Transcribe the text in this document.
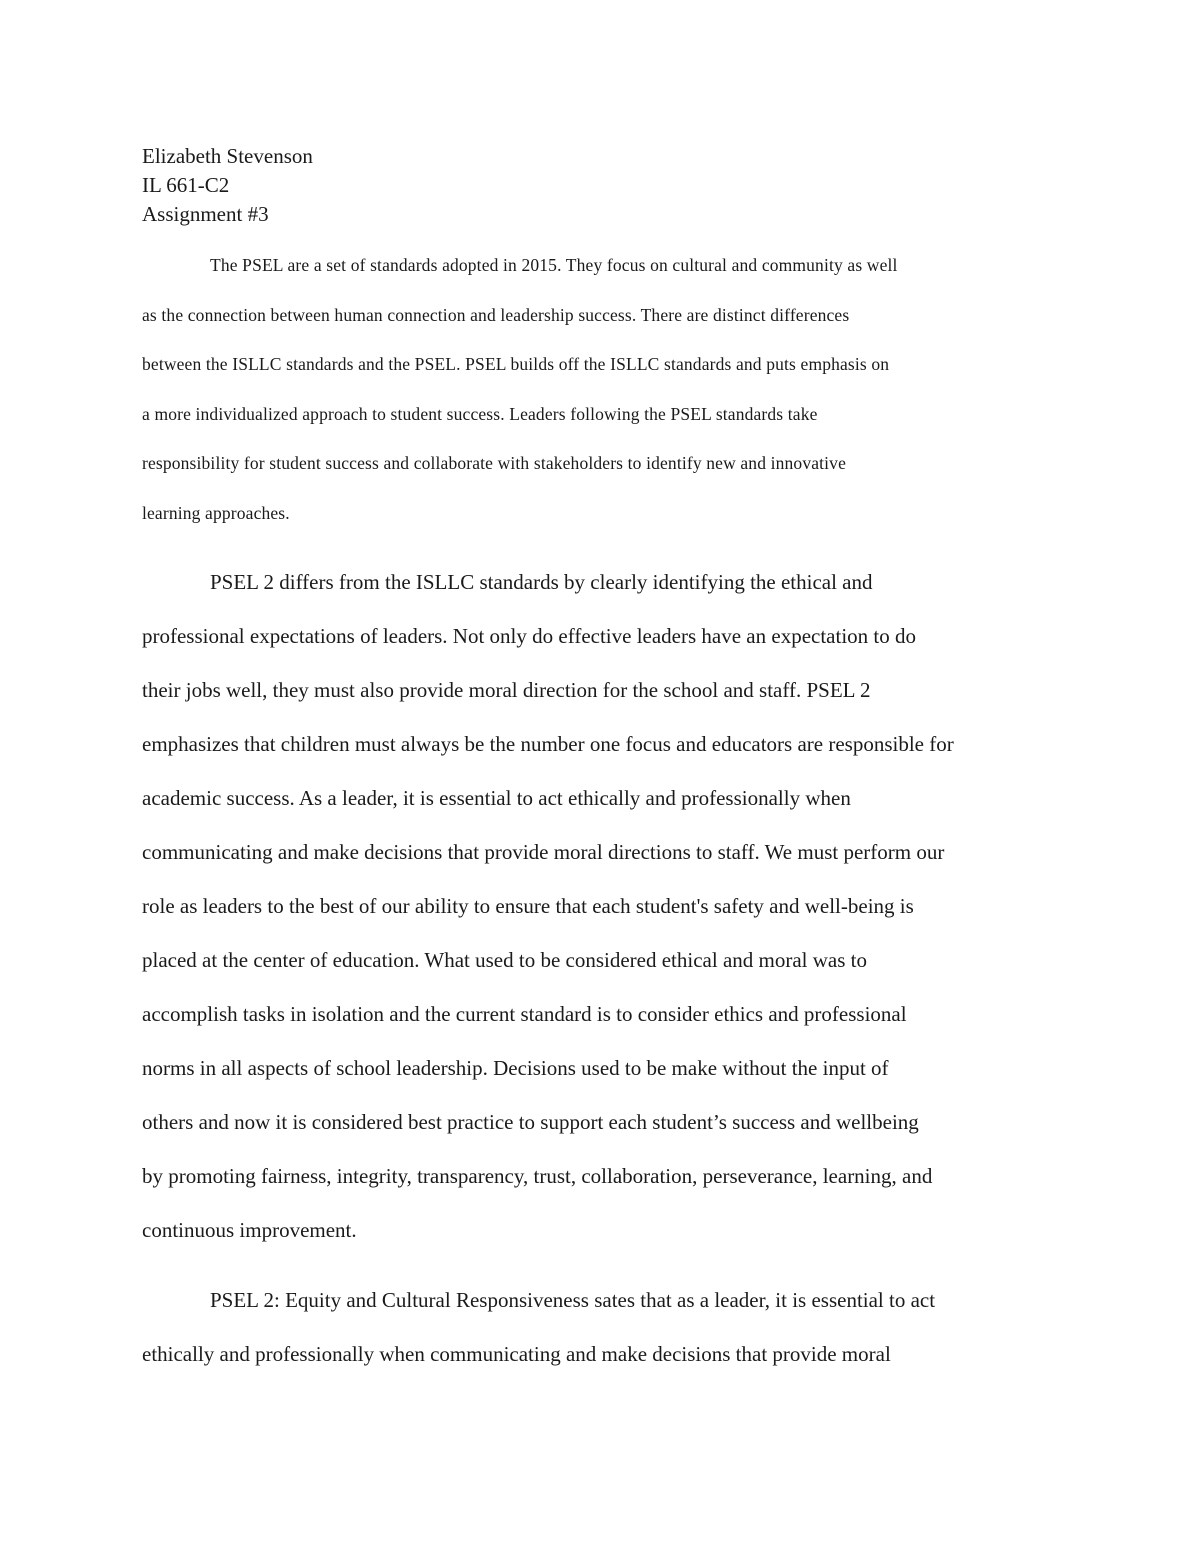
Elizabeth Stevenson
IL 661-C2
Assignment #3
The PSEL are a set of standards adopted in 2015. They focus on cultural and community as well
as the connection between human connection and leadership success. There are distinct differences
between the ISLLC standards and the PSEL. PSEL builds off the ISLLC standards and puts emphasis on
a more individualized approach to student success. Leaders following the PSEL standards take
responsibility for student success and collaborate with stakeholders to identify new and innovative
learning approaches.
PSEL 2 differs from the ISLLC standards by clearly identifying the ethical and
professional expectations of leaders. Not only do effective leaders have an expectation to do
their jobs well, they must also provide moral direction for the school and staff. PSEL 2
emphasizes that children must always be the number one focus and educators are responsible for
academic success. As a leader, it is essential to act ethically and professionally when
communicating and make decisions that provide moral directions to staff. We must perform our
role as leaders to the best of our ability to ensure that each student's safety and well-being is
placed at the center of education. What used to be considered ethical and moral was to
accomplish tasks in isolation and the current standard is to consider ethics and professional
norms in all aspects of school leadership. Decisions used to be make without the input of
others and now it is considered best practice to support each student’s success and wellbeing
by promoting fairness, integrity, transparency, trust, collaboration, perseverance, learning, and
continuous improvement.
PSEL 2: Equity and Cultural Responsiveness sates that as a leader, it is essential to act
ethically and professionally when communicating and make decisions that provide moral
